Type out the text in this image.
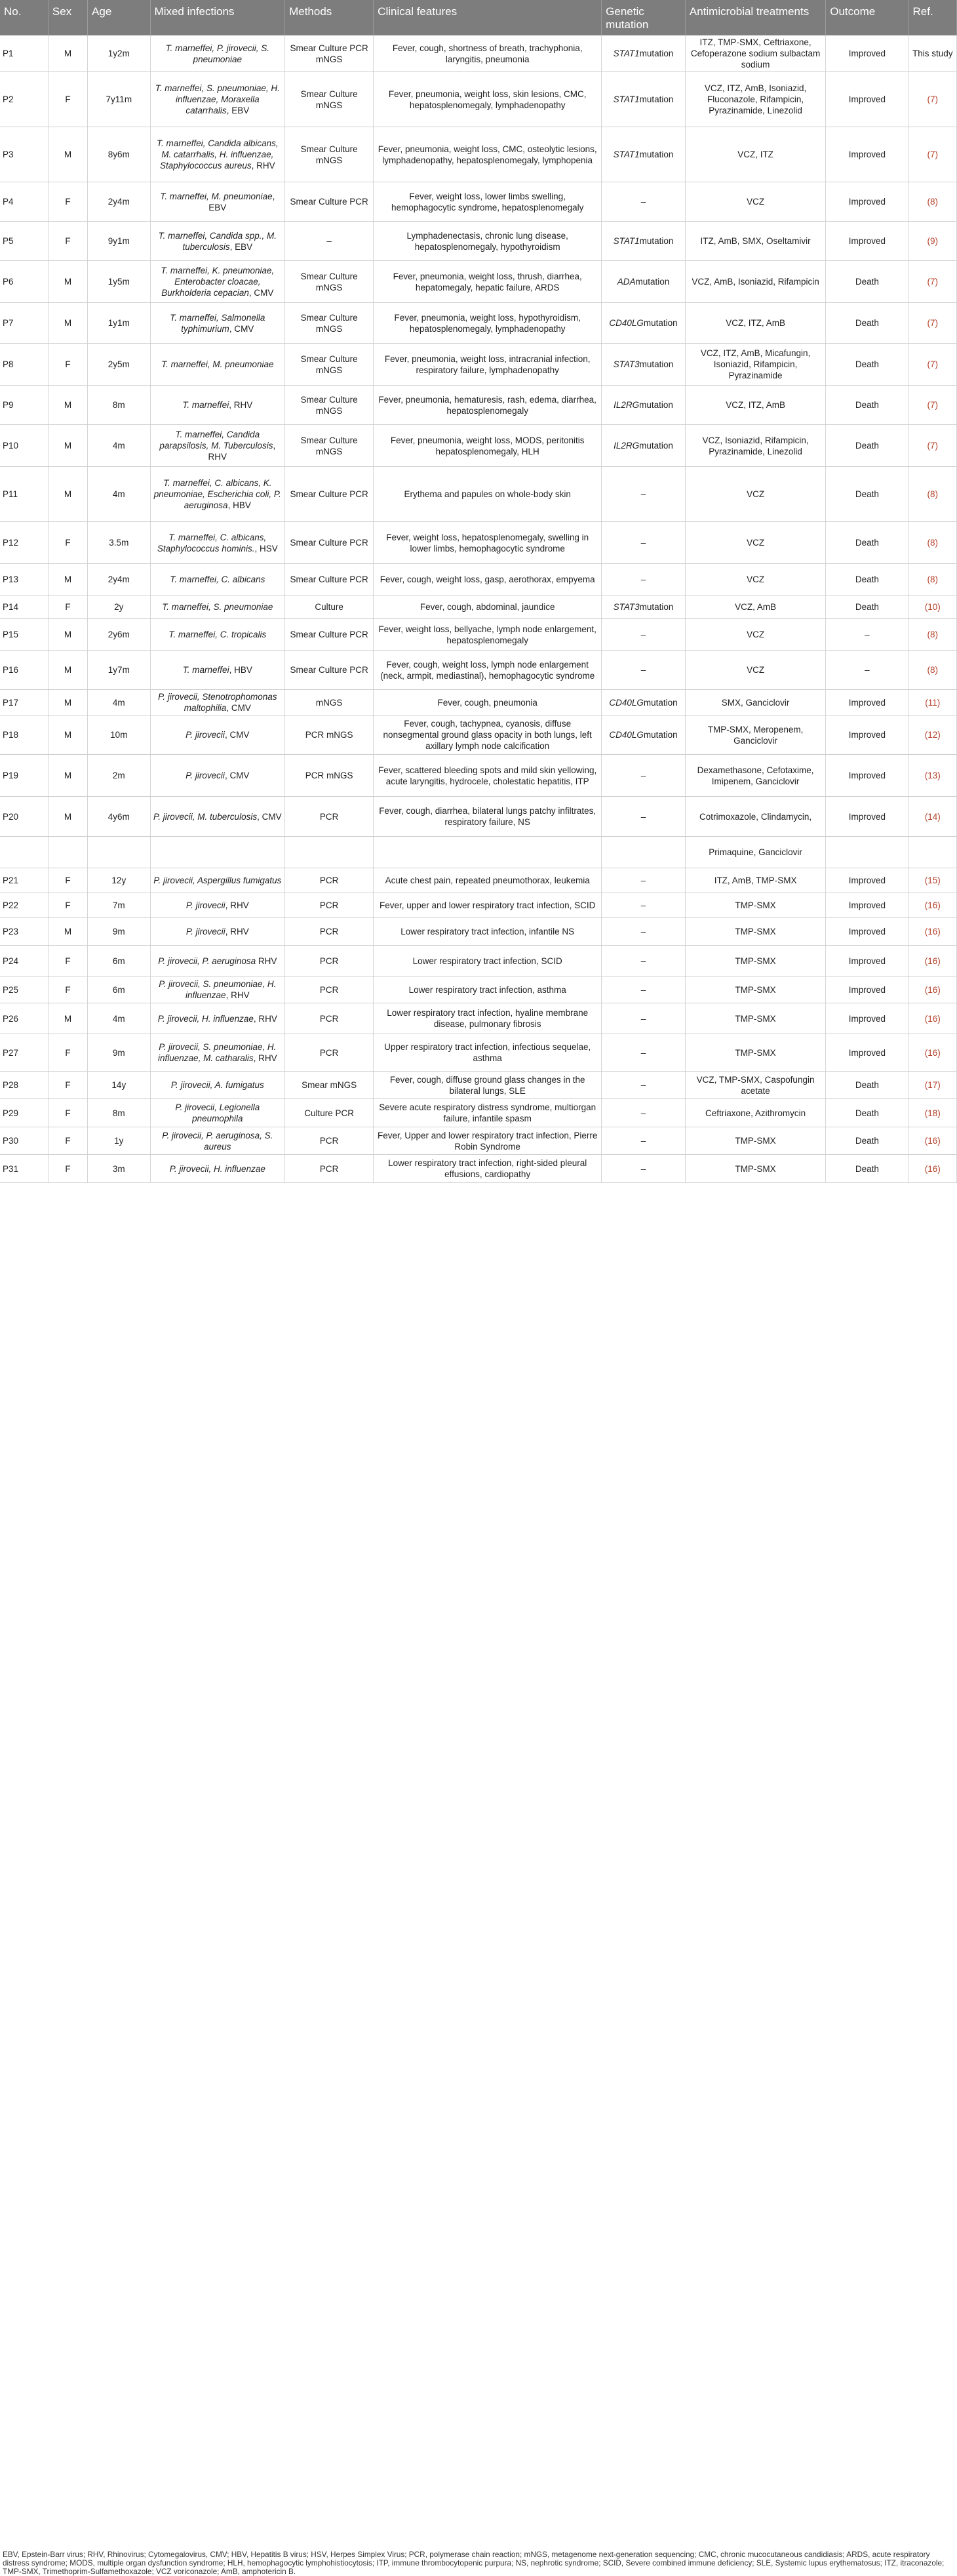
No.	Sex	Age	Mixed infections	Methods	Clinical features	Genetic mutation	Antimicrobial treatments	Outcome	Ref.
P1	M	1y2m	T. marneffei, P. jirovecii, S. pneumoniae	Smear Culture PCR mNGS	Fever, cough, shortness of breath, trachyphonia, laryngitis, pneumonia	STAT1mutation	ITZ, TMP-SMX, Ceftriaxone, Cefoperazone sodium sulbactam sodium	Improved	This study
P2	F	7y11m	T. marneffei, S. pneumoniae, H. influenzae, Moraxella catarrhalis, EBV	Smear Culture mNGS	Fever, pneumonia, weight loss, skin lesions, CMC, hepatosplenomegaly, lymphadenopathy	STAT1mutation	VCZ, ITZ, AmB, Isoniazid, Fluconazole, Rifampicin, Pyrazinamide, Linezolid	Improved	(7)
P3	M	8y6m	T. marneffei, Candida albicans, M. catarrhalis, H. influenzae, Staphylococcus aureus, RHV	Smear Culture mNGS	Fever, pneumonia, weight loss, CMC, osteolytic lesions, lymphadenopathy, hepatosplenomegaly, lymphopenia	STAT1mutation	VCZ, ITZ	Improved	(7)
P4	F	2y4m	T. marneffei, M. pneumoniae, EBV	Smear Culture PCR	Fever, weight loss, lower limbs swelling, hemophagocytic syndrome, hepatosplenomegaly	–	VCZ	Improved	(8)
P5	F	9y1m	T. marneffei, Candida spp., M. tuberculosis, EBV	–	Lymphadenectasis, chronic lung disease, hepatosplenomegaly, hypothyroidism	STAT1mutation	ITZ, AmB, SMX, Oseltamivir	Improved	(9)
P6	M	1y5m	T. marneffei, K. pneumoniae, Enterobacter cloacae, Burkholderia cepacian, CMV	Smear Culture mNGS	Fever, pneumonia, weight loss, thrush, diarrhea, hepatomegaly, hepatic failure, ARDS	ADAmutation	VCZ, AmB, Isoniazid, Rifampicin	Death	(7)
P7	M	1y1m	T. marneffei, Salmonella typhimurium, CMV	Smear Culture mNGS	Fever, pneumonia, weight loss, hypothyroidism, hepatosplenomegaly, lymphadenopathy	CD40LGmutation	VCZ, ITZ, AmB	Death	(7)
P8	F	2y5m	T. marneffei, M. pneumoniae	Smear Culture mNGS	Fever, pneumonia, weight loss, intracranial infection, respiratory failure, lymphadenopathy	STAT3mutation	VCZ, ITZ, AmB, Micafungin, Isoniazid, Rifampicin, Pyrazinamide	Death	(7)
P9	M	8m	T. marneffei, RHV	Smear Culture mNGS	Fever, pneumonia, hematuresis, rash, edema, diarrhea, hepatosplenomegaly	IL2RGmutation	VCZ, ITZ, AmB	Death	(7)
P10	M	4m	T. marneffei, Candida parapsilosis, M. Tuberculosis, RHV	Smear Culture mNGS	Fever, pneumonia, weight loss, MODS, peritonitis hepatosplenomegaly, HLH	IL2RGmutation	VCZ, Isoniazid, Rifampicin, Pyrazinamide, Linezolid	Death	(7)
P11	M	4m	T. marneffei, C. albicans, K. pneumoniae, Escherichia coli, P. aeruginosa, HBV	Smear Culture PCR	Erythema and papules on whole-body skin	–	VCZ	Death	(8)
P12	F	3.5m	T. marneffei, C. albicans, Staphylococcus hominis., HSV	Smear Culture PCR	Fever, weight loss, hepatosplenomegaly, swelling in lower limbs, hemophagocytic syndrome	–	VCZ	Death	(8)
P13	M	2y4m	T. marneffei, C. albicans	Smear Culture PCR	Fever, cough, weight loss, gasp, aerothorax, empyema	–	VCZ	Death	(8)
P14	F	2y	T. marneffei, S. pneumoniae	Culture	Fever, cough, abdominal, jaundice	STAT3mutation	VCZ, AmB	Death	(10)
P15	M	2y6m	T. marneffei, C. tropicalis	Smear Culture PCR	Fever, weight loss, bellyache, lymph node enlargement, hepatosplenomegaly	–	VCZ	–	(8)
P16	M	1y7m	T. marneffei, HBV	Smear Culture PCR	Fever, cough, weight loss, lymph node enlargement (neck, armpit, mediastinal), hemophagocytic syndrome	–	VCZ	–	(8)
P17	M	4m	P. jirovecii, Stenotrophomonas maltophilia, CMV	mNGS	Fever, cough, pneumonia	CD40LGmutation	SMX, Ganciclovir	Improved	(11)
P18	M	10m	P. jirovecii, CMV	PCR mNGS	Fever, cough, tachypnea, cyanosis, diffuse nonsegmental ground glass opacity in both lungs, left axillary lymph node calcification	CD40LGmutation	TMP-SMX, Meropenem, Ganciclovir	Improved	(12)
P19	M	2m	P. jirovecii, CMV	PCR mNGS	Fever, scattered bleeding spots and mild skin yellowing, acute laryngitis, hydrocele, cholestatic hepatitis, ITP	–	Dexamethasone, Cefotaxime, Imipenem, Ganciclovir	Improved	(13)
P20	M	4y6m	P. jirovecii, M. tuberculosis, CMV	PCR	Fever, cough, diarrhea, bilateral lungs patchy infiltrates, respiratory failure, NS	–	Cotrimoxazole, Clindamycin,	Improved	(14)
							Primaquine, Ganciclovir		
P21	F	12y	P. jirovecii, Aspergillus fumigatus	PCR	Acute chest pain, repeated pneumothorax, leukemia	–	ITZ, AmB, TMP-SMX	Improved	(15)
P22	F	7m	P. jirovecii, RHV	PCR	Fever, upper and lower respiratory tract infection, SCID	–	TMP-SMX	Improved	(16)
P23	M	9m	P. jirovecii, RHV	PCR	Lower respiratory tract infection, infantile NS	–	TMP-SMX	Improved	(16)
P24	F	6m	P. jirovecii, P. aeruginosa RHV	PCR	Lower respiratory tract infection, SCID	–	TMP-SMX	Improved	(16)
P25	F	6m	P. jirovecii, S. pneumoniae, H. influenzae, RHV	PCR	Lower respiratory tract infection, asthma	–	TMP-SMX	Improved	(16)
P26	M	4m	P. jirovecii, H. influenzae, RHV	PCR	Lower respiratory tract infection, hyaline membrane disease, pulmonary fibrosis	–	TMP-SMX	Improved	(16)
P27	F	9m	P. jirovecii, S. pneumoniae, H. influenzae, M. catharalis, RHV	PCR	Upper respiratory tract infection, infectious sequelae, asthma	–	TMP-SMX	Improved	(16)
P28	F	14y	P. jirovecii, A. fumigatus	Smear mNGS	Fever, cough, diffuse ground glass changes in the bilateral lungs, SLE	–	VCZ, TMP-SMX, Caspofungin acetate	Death	(17)
P29	F	8m	P. jirovecii, Legionella pneumophila	Culture PCR	Severe acute respiratory distress syndrome, multiorgan failure, infantile spasm	–	Ceftriaxone, Azithromycin	Death	(18)
P30	F	1y	P. jirovecii, P. aeruginosa, S. aureus	PCR	Fever, Upper and lower respiratory tract infection, Pierre Robin Syndrome	–	TMP-SMX	Death	(16)
P31	F	3m	P. jirovecii, H. influenzae	PCR	Lower respiratory tract infection, right-sided pleural effusions, cardiopathy	–	TMP-SMX	Death	(16)
EBV, Epstein-Barr virus; RHV, Rhinovirus; Cytomegalovirus, CMV; HBV, Hepatitis B virus; HSV, Herpes Simplex Virus; PCR, polymerase chain reaction; mNGS, metagenome next-generation sequencing; CMC, chronic mucocutaneous candidiasis; ARDS, acute respiratory distress syndrome; MODS, multiple organ dysfunction syndrome; HLH, hemophagocytic lymphohistiocytosis; ITP, immune thrombocytopenic purpura; NS, nephrotic syndrome; SCID, Severe combined immune deficiency; SLE, Systemic lupus erythematosus; ITZ, itraconazole; TMP-SMX, Trimethoprim-Sulfamethoxazole; VCZ voriconazole; AmB, amphotericin B.
